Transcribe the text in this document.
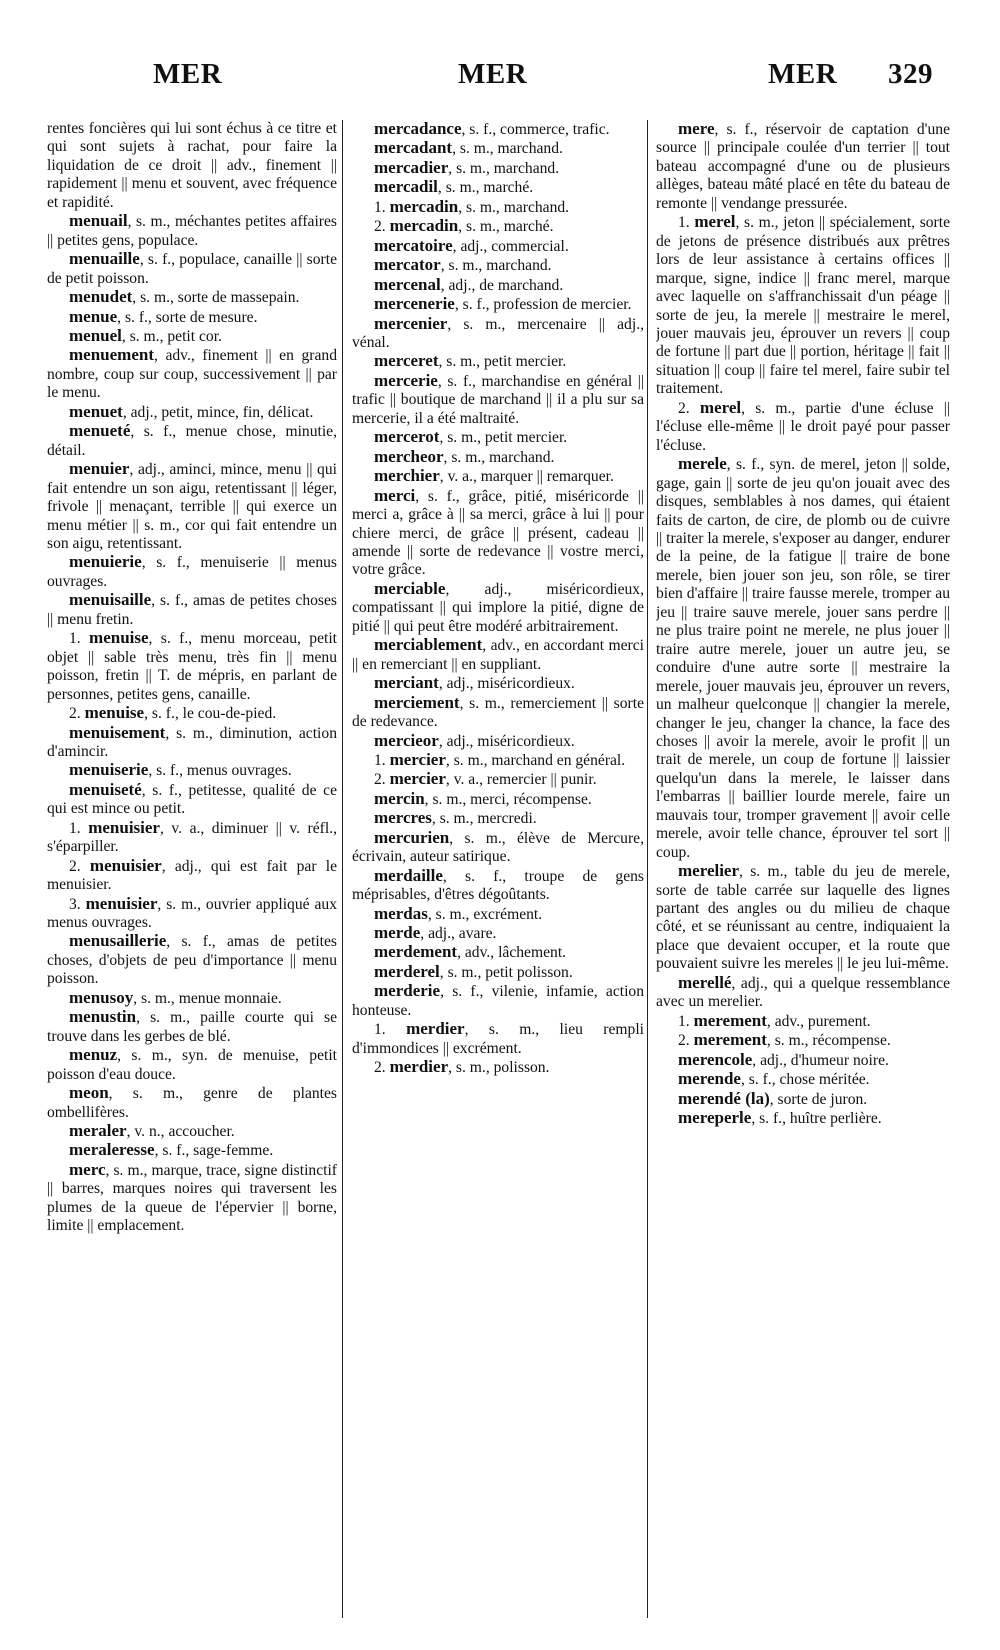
MER	MER	MER 329
rentes foncières qui lui sont échus à ce titre et qui sont sujets à rachat, pour faire la liquidation de ce droit || adv., finement || rapidement || menu et souvent, avec fréquence et rapidité.
menuail, s. m., méchantes petites affaires || petites gens, populace.
menuaille, s. f., populace, canaille || sorte de petit poisson.
menudet, s. m., sorte de massepain.
menue, s. f., sorte de mesure.
menuel, s. m., petit cor.
menuement, adv., finement || en grand nombre, coup sur coup, successivement || par le menu.
menuet, adj., petit, mince, fin, délicat.
menueté, s. f., menue chose, minutie, détail.
menuier, adj., aminci, mince, menu || qui fait entendre un son aigu, retentissant || léger, frivole || menaçant, terrible || qui exerce un menu métier || s. m., cor qui fait entendre un son aigu, retentissant.
menuierie, s. f., menuiserie || menus ouvrages.
menuisaille, s. f., amas de petites choses || menu fretin.
1. menuise, s. f., menu morceau, petit objet || sable très menu, très fin || menu poisson, fretin || T. de mépris, en parlant de personnes, petites gens, canaille.
2. menuise, s. f., le cou-de-pied.
menuisement, s. m., diminution, action d'amincir.
menuiserie, s. f., menus ouvrages.
menuiseté, s. f., petitesse, qualité de ce qui est mince ou petit.
1. menuisier, v. a., diminuer || v. réfl., s'éparpiller.
2. menuisier, adj., qui est fait par le menuisier.
3. menuisier, s. m., ouvrier appliqué aux menus ouvrages.
menusaillerie, s. f., amas de petites choses, d'objets de peu d'importance || menu poisson.
menusoy, s. m., menue monnaie.
menustin, s. m., paille courte qui se trouve dans les gerbes de blé.
menuz, s. m., syn. de menuise, petit poisson d'eau douce.
meon, s. m., genre de plantes ombellifères.
meraler, v. n., accoucher.
meraleresse, s. f., sage-femme.
merc, s. m., marque, trace, signe distinctif || barres, marques noires qui traversent les plumes de la queue de l'épervier || borne, limite || emplacement.
mercadance, s. f., commerce, trafic.
mercadant, s. m., marchand.
mercadier, s. m., marchand.
mercadil, s. m., marché.
1. mercadin, s. m., marchand.
2. mercadin, s. m., marché.
mercatoire, adj., commercial.
mercator, s. m., marchand.
mercenal, adj., de marchand.
mercenerie, s. f., profession de mercier.
mercenier, s. m., mercenaire || adj., vénal.
merceret, s. m., petit mercier.
mercerie, s. f., marchandise en général || trafic || boutique de marchand || il a plu sur sa mercerie, il a été maltraité.
mercerot, s. m., petit mercier.
mercheor, s. m., marchand.
merchier, v. a., marquer || remarquer.
merci, s. f., grâce, pitié, miséricorde || merci a, grâce à || sa merci, grâce à lui || pour chiere merci, de grâce || présent, cadeau || amende || sorte de redevance || vostre merci, votre grâce.
merciable, adj., miséricordieux, compatissant || qui implore la pitié, digne de pitié || qui peut être modéré arbitrairement.
merciablement, adv., en accordant merci || en remerciant || en suppliant.
merciant, adj., miséricordieux.
merciement, s. m., remerciement || sorte de redevance.
mercieor, adj., miséricordieux.
1. mercier, s. m., marchand en général.
2. mercier, v. a., remercier || punir.
mercin, s. m., merci, récompense.
mercres, s. m., mercredi.
mercurien, s. m., élève de Mercure, écrivain, auteur satirique.
merdaille, s. f., troupe de gens méprisables, d'êtres dégoûtants.
merdas, s. m., excrément.
merde, adj., avare.
merdement, adv., lâchement.
merderel, s. m., petit polisson.
merderie, s. f., vilenie, infamie, action honteuse.
1. merdier, s. m., lieu rempli d'immondices || excrément.
2. merdier, s. m., polisson.
mere, s. f., réservoir de captation d'une source || principale coulée d'un terrier || tout bateau accompagné d'une ou de plusieurs allèges, bateau mâté placé en tête du bateau de remonte || vendange pressurée.
1. merel, s. m., jeton || spécialement, sorte de jetons de présence distribués aux prêtres lors de leur assistance à certains offices || marque, signe, indice || franc merel, marque avec laquelle on s'affranchissait d'un péage || sorte de jeu, la merele || mestraire le merel, jouer mauvais jeu, éprouver un revers || coup de fortune || part due || portion, héritage || fait || situation || coup || faire tel merel, faire subir tel traitement.
2. merel, s. m., partie d'une écluse || l'écluse elle-même || le droit payé pour passer l'écluse.
merele, s. f., syn. de merel, jeton || solde, gage, gain || sorte de jeu qu'on jouait avec des disques, semblables à nos dames, qui étaient faits de carton, de cire, de plomb ou de cuivre || traiter la merele, s'exposer au danger, endurer de la peine, de la fatigue || traire de bone merele, bien jouer son jeu, son rôle, se tirer bien d'affaire || traire fausse merele, tromper au jeu || traire sauve merele, jouer sans perdre || ne plus traire point ne merele, ne plus jouer || traire autre merele, jouer un autre jeu, se conduire d'une autre sorte || mestraire la merele, jouer mauvais jeu, éprouver un revers, un malheur quelconque || changier la merele, changer le jeu, changer la chance, la face des choses || avoir la merele, avoir le profit || un trait de merele, un coup de fortune || laissier quelqu'un dans la merele, le laisser dans l'embarras || baillier lourde merele, faire un mauvais tour, tromper gravement || avoir celle merele, avoir telle chance, éprouver tel sort || coup.
merelier, s. m., table du jeu de merele, sorte de table carrée sur laquelle des lignes partant des angles ou du milieu de chaque côté, et se réunissant au centre, indiquaient la place que devaient occuper, et la route que pouvaient suivre les mereles || le jeu lui-même.
merellé, adj., qui a quelque ressemblance avec un merelier.
1. merement, adv., purement.
2. merement, s. m., récompense.
merencole, adj., d'humeur noire.
merende, s. f., chose méritée.
merendé (la), sorte de juron.
mereperle, s. f., huître perlière.
